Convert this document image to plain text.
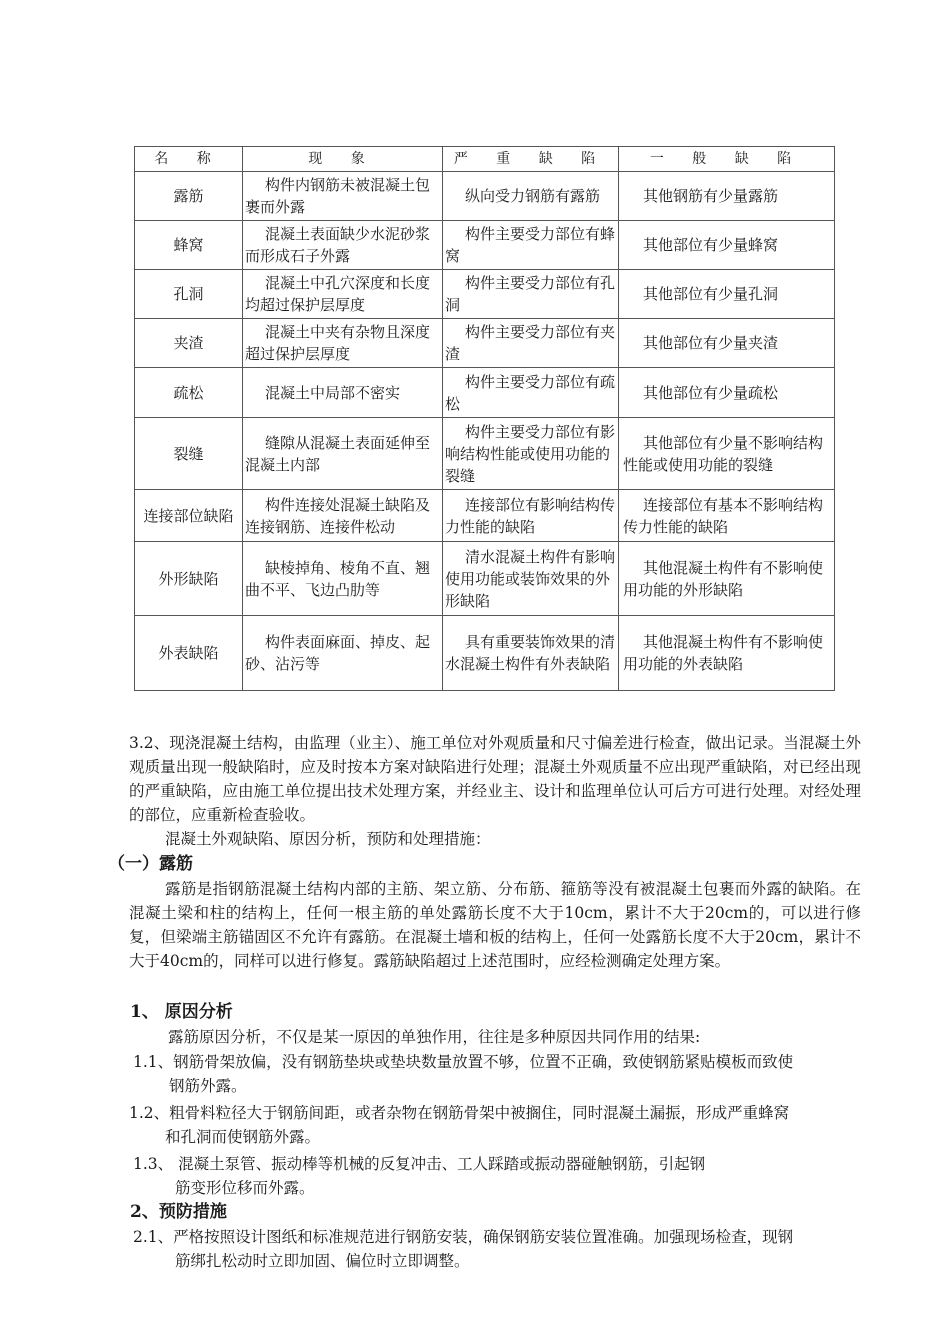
名 称	现 象	严 重 缺 陷	一 般 缺 陷
露筋	构件内钢筋未被混凝土包裹而外露	纵向受力钢筋有露筋	其他钢筋有少量露筋
蜂窝	混凝土表面缺少水泥砂浆而形成石子外露	构件主要受力部位有蜂窝	其他部位有少量蜂窝
孔洞	混凝土中孔穴深度和长度均超过保护层厚度	构件主要受力部位有孔洞	其他部位有少量孔洞
夹渣	混凝土中夹有杂物且深度超过保护层厚度	构件主要受力部位有夹渣	其他部位有少量夹渣
疏松	混凝土中局部不密实	构件主要受力部位有疏松	其他部位有少量疏松
裂缝	缝隙从混凝土表面延伸至混凝土内部	构件主要受力部位有影响结构性能或使用功能的裂缝	其他部位有少量不影响结构性能或使用功能的裂缝
连接部位缺陷	构件连接处混凝土缺陷及连接钢筋、连接件松动	连接部位有影响结构传力性能的缺陷	连接部位有基本不影响结构传力性能的缺陷
外形缺陷	缺棱掉角、棱角不直、翘曲不平、飞边凸肋等	清水混凝土构件有影响使用功能或装饰效果的外形缺陷	其他混凝土构件有不影响使用功能的外形缺陷
外表缺陷	构件表面麻面、掉皮、起砂、沾污等	具有重要装饰效果的清水混凝土构件有外表缺陷	其他混凝土构件有不影响使用功能的外表缺陷

3.2、现浇混凝土结构，由监理（业主）、施工单位对外观质量和尺寸偏差进行检查，做出记录。当混凝土外观质量出现一般缺陷时，应及时按本方案对缺陷进行处理；混凝土外观质量不应出现严重缺陷，对已经出现的严重缺陷，应由施工单位提出技术处理方案，并经业主、设计和监理单位认可后方可进行处理。对经处理的部位，应重新检查验收。

混凝土外观缺陷、原因分析，预防和处理措施：

（一）露筋

露筋是指钢筋混凝土结构内部的主筋、架立筋、分布筋、箍筋等没有被混凝土包裹而外露的缺陷。在混凝土梁和柱的结构上，任何一根主筋的单处露筋长度不大于10cm，累计不大于20cm的，可以进行修复，但梁端主筋锚固区不允许有露筋。在混凝土墙和板的结构上，任何一处露筋长度不大于20cm，累计不大于40cm的，同样可以进行修复。露筋缺陷超过上述范围时，应经检测确定处理方案。

1、 原因分析

露筋原因分析，不仅是某一原因的单独作用，往往是多种原因共同作用的结果:

1.1、钢筋骨架放偏，没有钢筋垫块或垫块数量放置不够，位置不正确，致使钢筋紧贴模板而致使
钢筋外露。
1.2、粗骨料粒径大于钢筋间距，或者杂物在钢筋骨架中被搁住，同时混凝土漏振，形成严重蜂窝
和孔洞而使钢筋外露。
1.3、 混凝土泵管、振动棒等机械的反复冲击、工人踩踏或振动器碰触钢筋，引起钢
筋变形位移而外露。
2、预防措施
2.1、严格按照设计图纸和标准规范进行钢筋安装，确保钢筋安装位置准确。加强现场检查，现钢
筋绑扎松动时立即加固、偏位时立即调整。
